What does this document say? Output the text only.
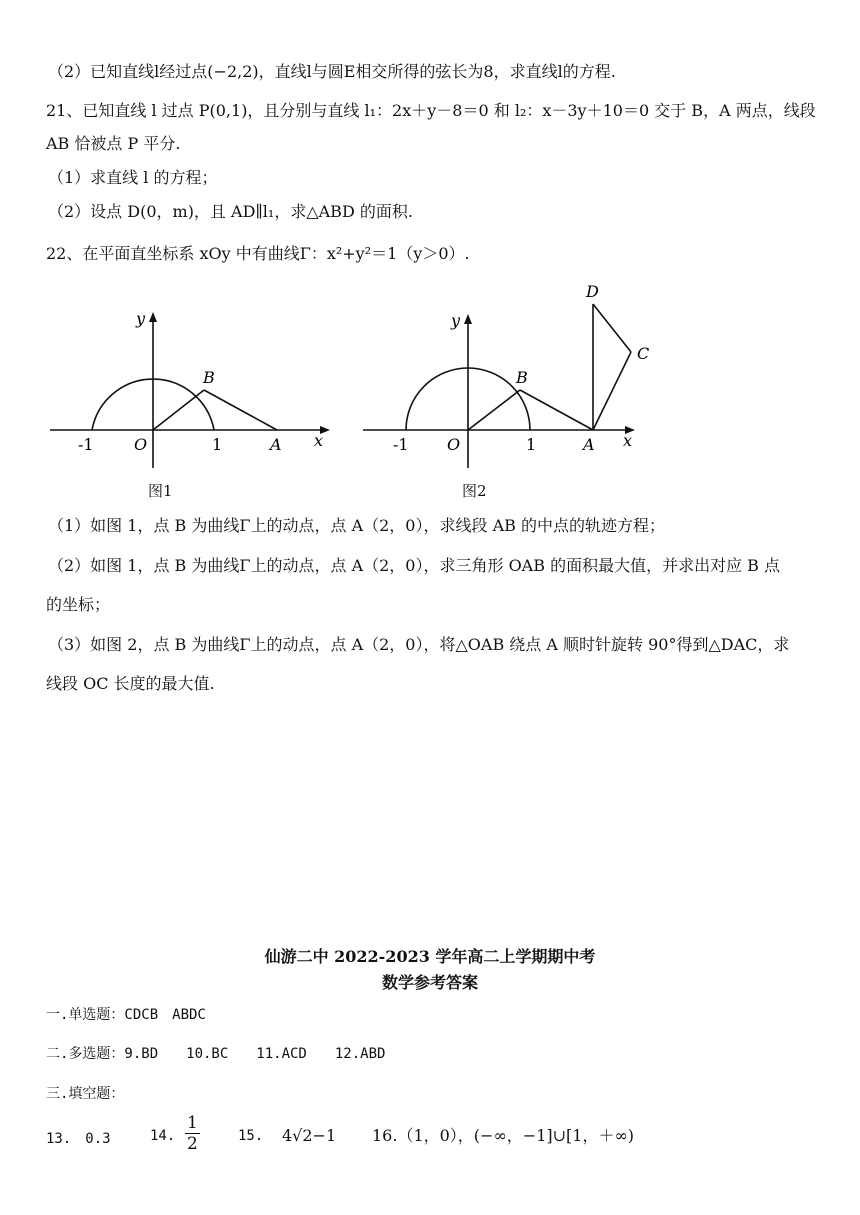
（2）已知直线l经过点(−2,2)，直线l与圆E相交所得的弦长为8，求直线l的方程.
21、已知直线 l 过点 P(0,1)，且分别与直线 l₁：2x＋y－8＝0 和 l₂：x－3y＋10＝0 交于 B，A 两点，线段
AB 恰被点 P 平分.
（1）求直线 l 的方程；
（2）设点 D(0，m)，且 AD∥l₁，求△ABD 的面积.
22、在平面直坐标系 xOy 中有曲线Γ：x²+y²＝1（y＞0）.
y
x
O
-1	1	A
B
图1
y
x
O
-1	1	A
B
C
D
图2
（1）如图 1，点 B 为曲线Γ上的动点，点 A（2，0），求线段 AB 的中点的轨迹方程；
（2）如图 1，点 B 为曲线Γ上的动点，点 A（2，0），求三角形 OAB 的面积最大值，并求出对应 B 点
的坐标；
（3）如图 2，点 B 为曲线Γ上的动点，点 A（2，0），将△OAB 绕点 A 顺时针旋转 90°得到△DAC，求
线段 OC 长度的最大值.
仙游二中 2022-2023 学年高二上学期期中考
数学参考答案
一.单选题：CDCB　ABDC
二.多选题：9.BD　　10.BC　　11.ACD　　12.ABD
三.填空题：
13.　0.3	14. $\frac{1}{2}$	15. 4√2−1 16.（1，0），(−∞，−1]∪[1，＋∞)
